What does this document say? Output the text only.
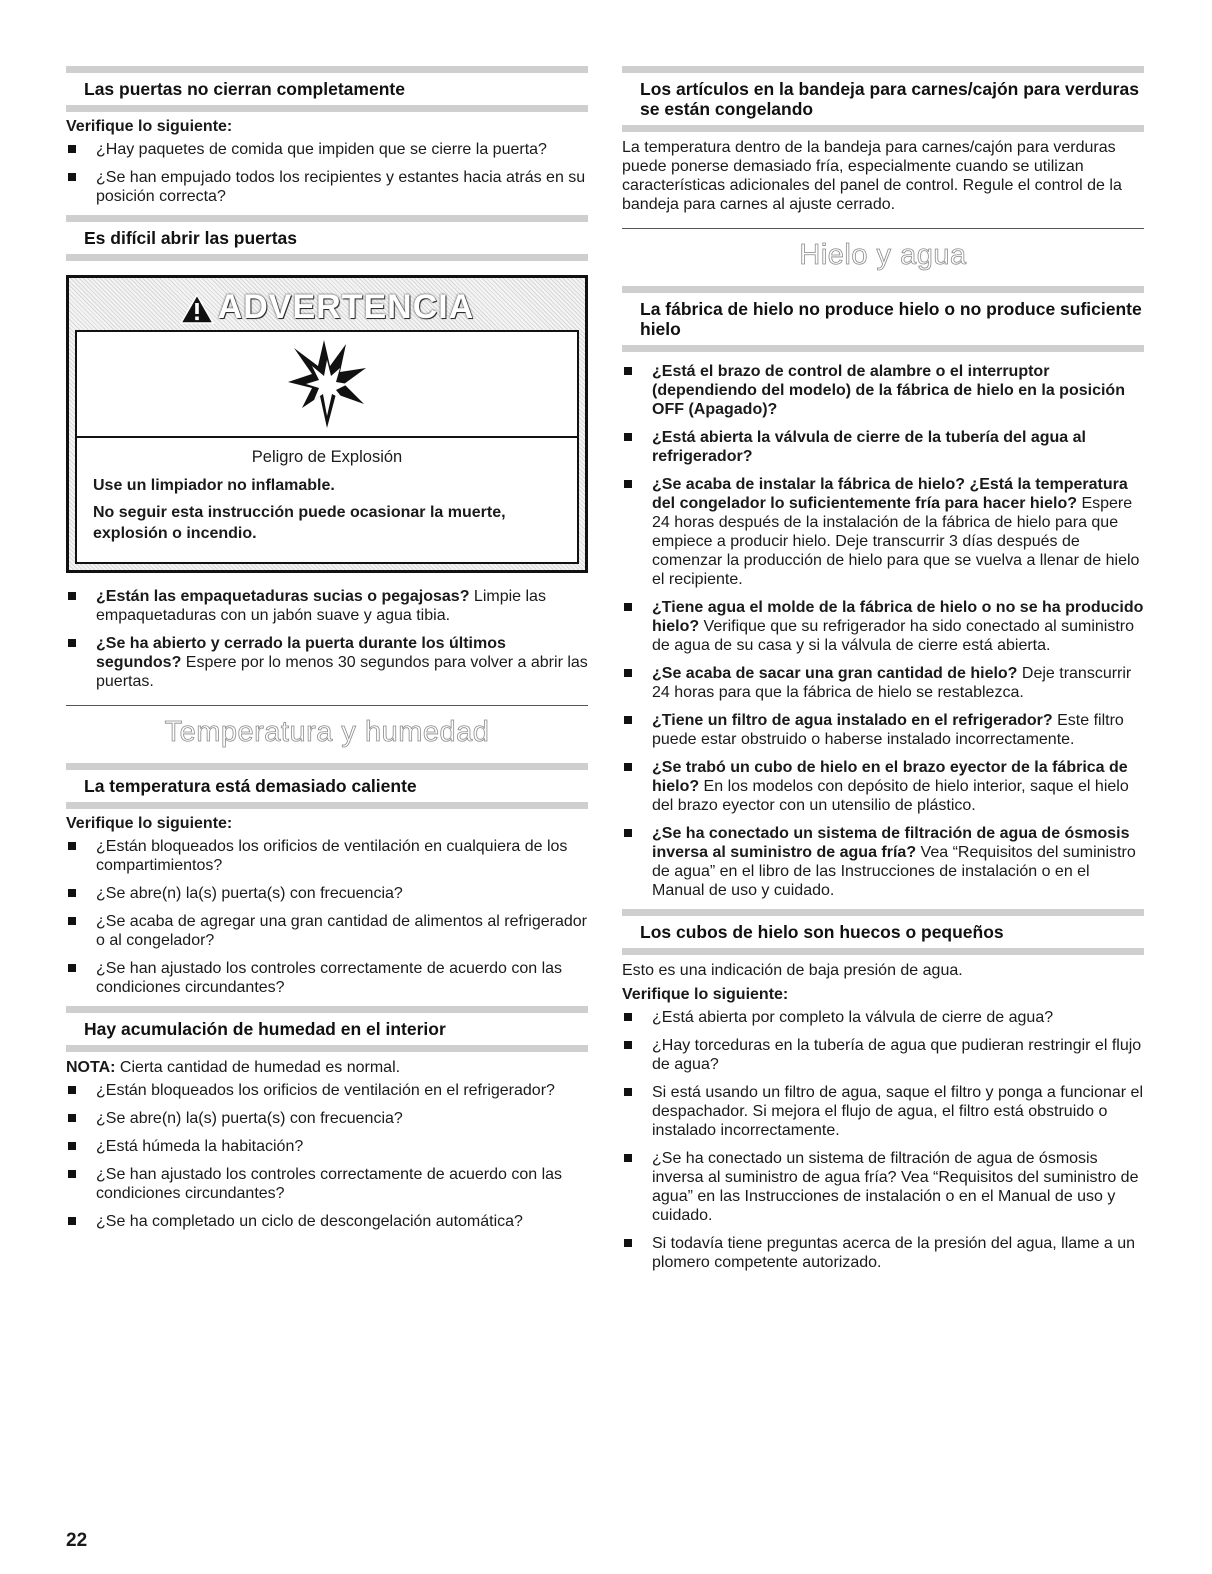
Las puertas no cierran completamente
Verifique lo siguiente:
¿Hay paquetes de comida que impiden que se cierre la puerta?
¿Se han empujado todos los recipientes y estantes hacia atrás en su posición correcta?
Es difícil abrir las puertas
ADVERTENCIA
Peligro de Explosión
Use un limpiador no inflamable.
No seguir esta instrucción puede ocasionar la muerte, explosión o incendio.
¿Están las empaquetaduras sucias o pegajosas? Limpie las empaquetaduras con un jabón suave y agua tibia.
¿Se ha abierto y cerrado la puerta durante los últimos segundos? Espere por lo menos 30 segundos para volver a abrir las puertas.
Temperatura y humedad
La temperatura está demasiado caliente
Verifique lo siguiente:
¿Están bloqueados los orificios de ventilación en cualquiera de los compartimientos?
¿Se abre(n) la(s) puerta(s) con frecuencia?
¿Se acaba de agregar una gran cantidad de alimentos al refrigerador o al congelador?
¿Se han ajustado los controles correctamente de acuerdo con las condiciones circundantes?
Hay acumulación de humedad en el interior
NOTA: Cierta cantidad de humedad es normal.
¿Están bloqueados los orificios de ventilación en el refrigerador?
¿Se abre(n) la(s) puerta(s) con frecuencia?
¿Está húmeda la habitación?
¿Se han ajustado los controles correctamente de acuerdo con las condiciones circundantes?
¿Se ha completado un ciclo de descongelación automática?
Los artículos en la bandeja para carnes/cajón para verduras se están congelando
La temperatura dentro de la bandeja para carnes/cajón para verduras puede ponerse demasiado fría, especialmente cuando se utilizan características adicionales del panel de control. Regule el control de la bandeja para carnes al ajuste cerrado.
Hielo y agua
La fábrica de hielo no produce hielo o no produce suficiente hielo
¿Está el brazo de control de alambre o el interruptor (dependiendo del modelo) de la fábrica de hielo en la posición OFF (Apagado)?
¿Está abierta la válvula de cierre de la tubería del agua al refrigerador?
¿Se acaba de instalar la fábrica de hielo? ¿Está la temperatura del congelador lo suficientemente fría para hacer hielo? Espere 24 horas después de la instalación de la fábrica de hielo para que empiece a producir hielo. Deje transcurrir 3 días después de comenzar la producción de hielo para que se vuelva a llenar de hielo el recipiente.
¿Tiene agua el molde de la fábrica de hielo o no se ha producido hielo? Verifique que su refrigerador ha sido conectado al suministro de agua de su casa y si la válvula de cierre está abierta.
¿Se acaba de sacar una gran cantidad de hielo? Deje transcurrir 24 horas para que la fábrica de hielo se restablezca.
¿Tiene un filtro de agua instalado en el refrigerador? Este filtro puede estar obstruido o haberse instalado incorrectamente.
¿Se trabó un cubo de hielo en el brazo eyector de la fábrica de hielo? En los modelos con depósito de hielo interior, saque el hielo del brazo eyector con un utensilio de plástico.
¿Se ha conectado un sistema de filtración de agua de ósmosis inversa al suministro de agua fría? Vea “Requisitos del suministro de agua” en el libro de las Instrucciones de instalación o en el Manual de uso y cuidado.
Los cubos de hielo son huecos o pequeños
Esto es una indicación de baja presión de agua.
Verifique lo siguiente:
¿Está abierta por completo la válvula de cierre de agua?
¿Hay torceduras en la tubería de agua que pudieran restringir el flujo de agua?
Si está usando un filtro de agua, saque el filtro y ponga a funcionar el despachador. Si mejora el flujo de agua, el filtro está obstruido o instalado incorrectamente.
¿Se ha conectado un sistema de filtración de agua de ósmosis inversa al suministro de agua fría? Vea “Requisitos del suministro de agua” en las Instrucciones de instalación o en el Manual de uso y cuidado.
Si todavía tiene preguntas acerca de la presión del agua, llame a un plomero competente autorizado.
22
